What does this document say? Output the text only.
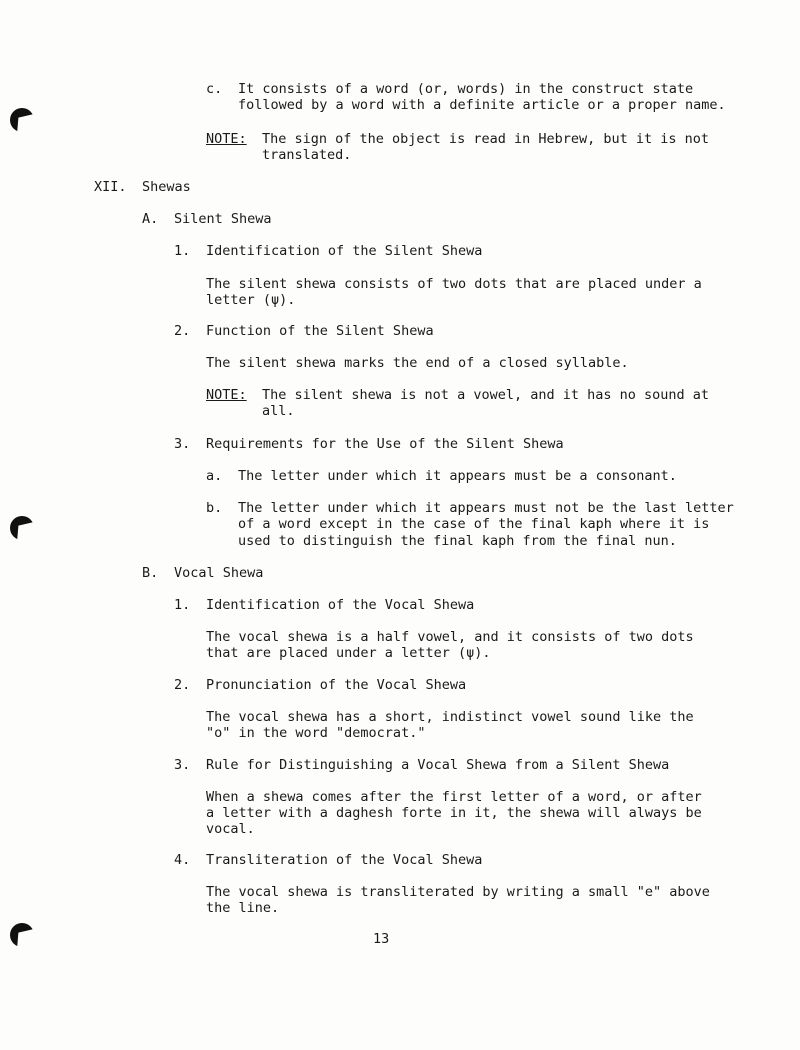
c. It consists of a word (or, words) in the construct state
followed by a word with a definite article or a proper name.
NOTE: The sign of the object is read in Hebrew, but it is not
translated.
XII. Shewas
A. Silent Shewa
1. Identification of the Silent Shewa
The silent shewa consists of two dots that are placed under a
letter (ψ).
2. Function of the Silent Shewa
The silent shewa marks the end of a closed syllable.
NOTE: The silent shewa is not a vowel, and it has no sound at
all.
3. Requirements for the Use of the Silent Shewa
a. The letter under which it appears must be a consonant.
b. The letter under which it appears must not be the last letter
of a word except in the case of the final kaph where it is
used to distinguish the final kaph from the final nun.
B. Vocal Shewa
1. Identification of the Vocal Shewa
The vocal shewa is a half vowel, and it consists of two dots
that are placed under a letter (ψ).
2. Pronunciation of the Vocal Shewa
The vocal shewa has a short, indistinct vowel sound like the
"o" in the word "democrat."
3. Rule for Distinguishing a Vocal Shewa from a Silent Shewa
When a shewa comes after the first letter of a word, or after
a letter with a daghesh forte in it, the shewa will always be
vocal.
4. Transliteration of the Vocal Shewa
The vocal shewa is transliterated by writing a small "e" above
the line.
13
